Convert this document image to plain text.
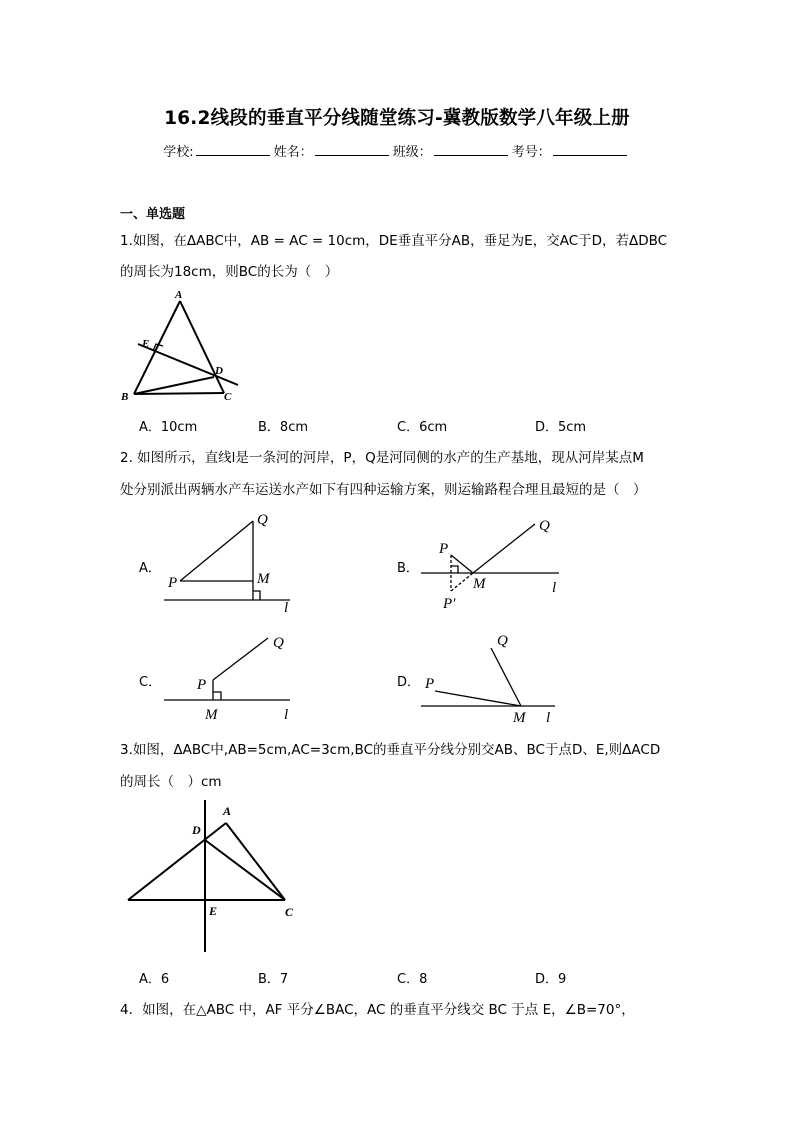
16.2线段的垂直平分线随堂练习-冀教版数学八年级上册
学校:	姓名：	班级：	考号：
一、单选题
1.如图，在ΔABC中，AB = AC = 10cm，DE垂直平分AB，垂足为E，交AC于D，若ΔDBC
的周长为18cm，则BC的长为（　）
A
B	C
D
E
A．10cm	B．8cm	C．6cm	D．5cm
2. 如图所示，直线l是一条河的河岸，P，Q是河同侧的水产的生产基地，现从河岸某点M
处分别派出两辆水产车运送水产如下有四种运输方案，则运输路程合理且最短的是（　）
A．
Q
P	M
l
B．
Q
P
M	l
P′
C．
Q
P
M	l
D．
Q
P
M l
3.如图，ΔABC中,AB=5cm,AC=3cm,BC的垂直平分线分别交AB、BC于点D、E,则ΔACD
的周长（　）cm
A
D
E	C
A．6	B．7	C．8	D．9
4．如图，在△ABC 中，AF 平分∠BAC，AC 的垂直平分线交 BC 于点 E，∠B=70°，
